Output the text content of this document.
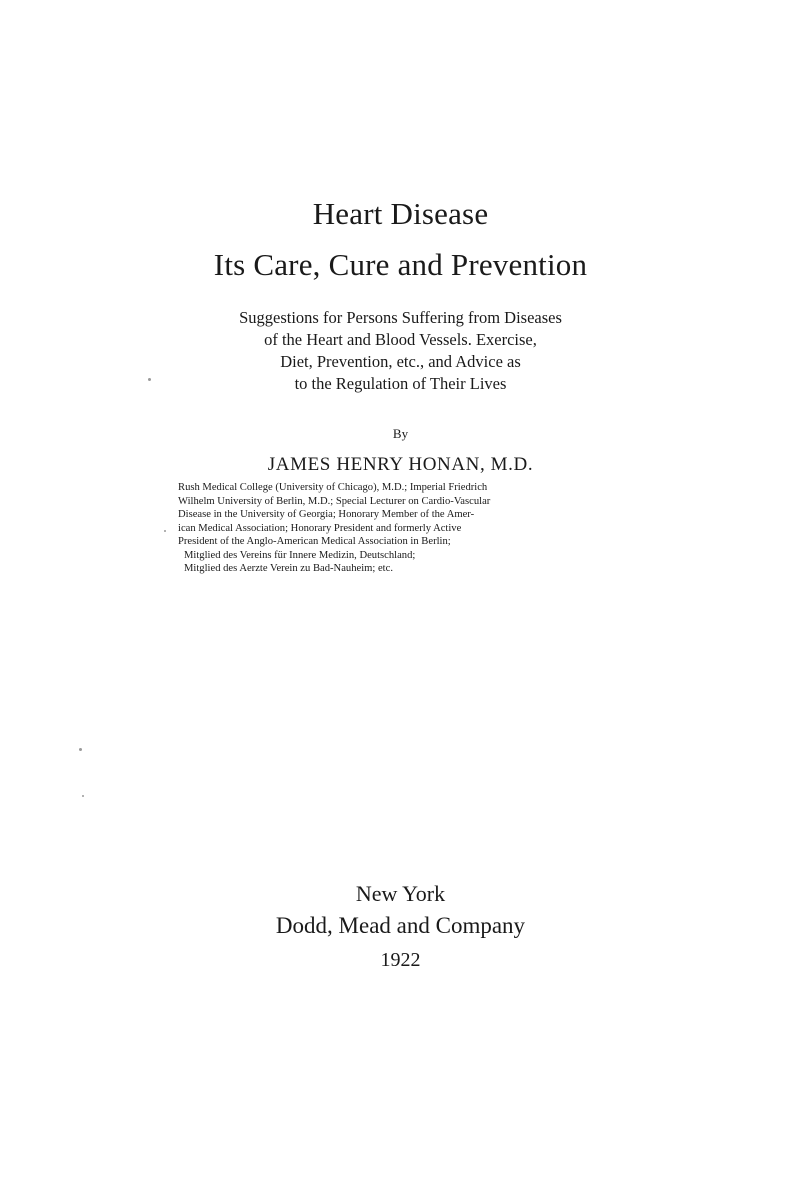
Heart Disease
Its Care, Cure and Prevention
Suggestions for Persons Suffering from Diseases
of the Heart and Blood Vessels. Exercise,
Diet, Prevention, etc., and Advice as
to the Regulation of Their Lives
By
JAMES HENRY HONAN, M.D.
Rush Medical College (University of Chicago), M.D.; Imperial Friedrich
Wilhelm University of Berlin, M.D.; Special Lecturer on Cardio-Vascular
Disease in the University of Georgia; Honorary Member of the Amer-
ican Medical Association; Honorary President and formerly Active
President of the Anglo-American Medical Association in Berlin;
Mitglied des Vereins für Innere Medizin, Deutschland;
Mitglied des Aerzte Verein zu Bad-Nauheim; etc.
New York
Dodd, Mead and Company
1922
